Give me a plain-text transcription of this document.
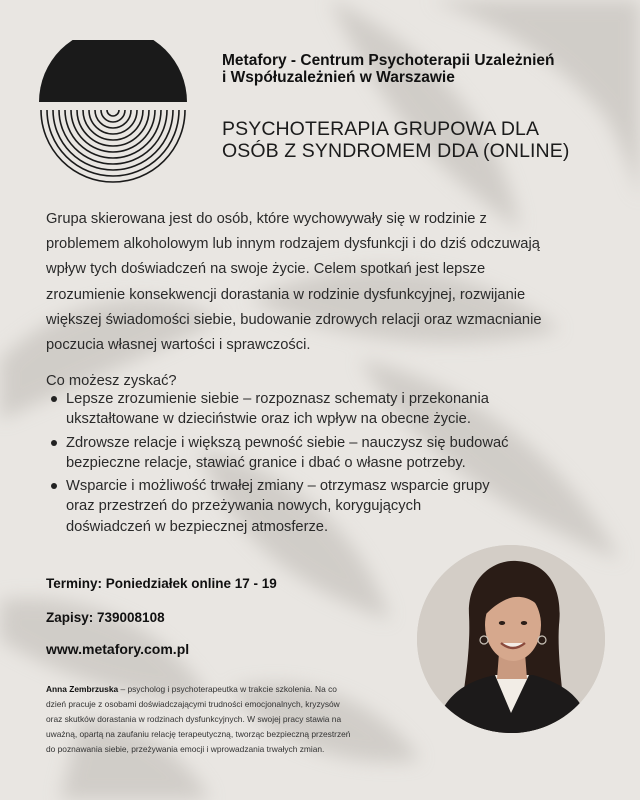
Metafory - Centrum Psychoterapii Uzależnień
i Współuzależnień w Warszawie
PSYCHOTERAPIA GRUPOWA DLA
OSÓB Z SYNDROMEM DDA (ONLINE)
Grupa skierowana jest do osób, które wychowywały się w rodzinie z
problemem alkoholowym lub innym rodzajem dysfunkcji i do dziś odczuwają
wpływ tych doświadczeń na swoje życie. Celem spotkań jest lepsze
zrozumienie konsekwencji dorastania w rodzinie dysfunkcyjnej, rozwijanie
większej świadomości siebie, budowanie zdrowych relacji oraz wzmacnianie
poczucia własnej wartości i sprawczości.
Co możesz zyskać?
Lepsze zrozumienie siebie – rozpoznasz schematy i przekonania
ukształtowane w dzieciństwie oraz ich wpływ na obecne życie.
Zdrowsze relacje i większą pewność siebie – nauczysz się budować
bezpieczne relacje, stawiać granice i dbać o własne potrzeby.
Wsparcie i możliwość trwałej zmiany – otrzymasz wsparcie grupy
oraz przestrzeń do przeżywania nowych, korygujących
doświadczeń w bezpiecznej atmosferze.
Terminy: Poniedziałek online 17 - 19
Zapisy: 739008108
www.metafory.com.pl
Anna Zembrzuska – psycholog i psychoterapeutka w trakcie szkolenia. Na co
dzień pracuje z osobami doświadczającymi trudności emocjonalnych, kryzysów
oraz skutków dorastania w rodzinach dysfunkcyjnych. W swojej pracy stawia na
uważną, opartą na zaufaniu relację terapeutyczną, tworząc bezpieczną przestrzeń
do poznawania siebie, przeżywania emocji i wprowadzania trwałych zmian.
